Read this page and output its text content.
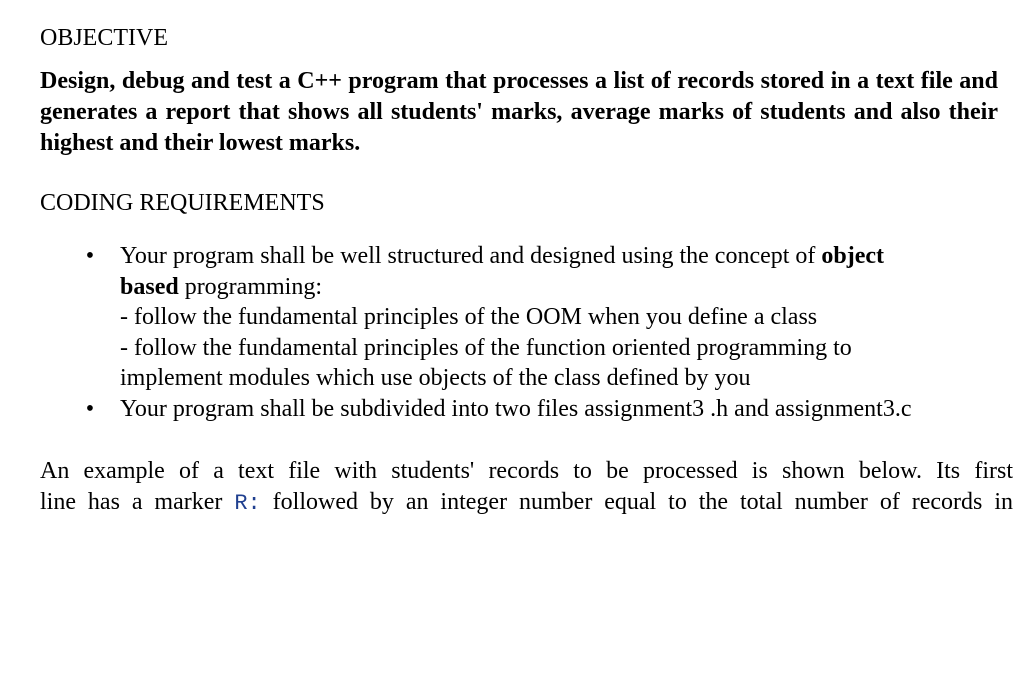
OBJECTIVE

Design, debug and test a C++ program that processes a list of records stored in a text file and generates a report that shows all students' marks, average marks of students and also their highest and their lowest marks.

CODING REQUIREMENTS
• Your program shall be well structured and designed using the concept of object
based programming:
- follow the fundamental principles of the OOM when you define a class
- follow the fundamental principles of the function oriented programming to
implement modules which use objects of the class defined by you
• Your program shall be subdivided into two files assignment3 .h and assignment3.c
An example of a text file with students' records to be processed is shown below. Its first
line has a marker R: followed by an integer number equal to the total number of records in
